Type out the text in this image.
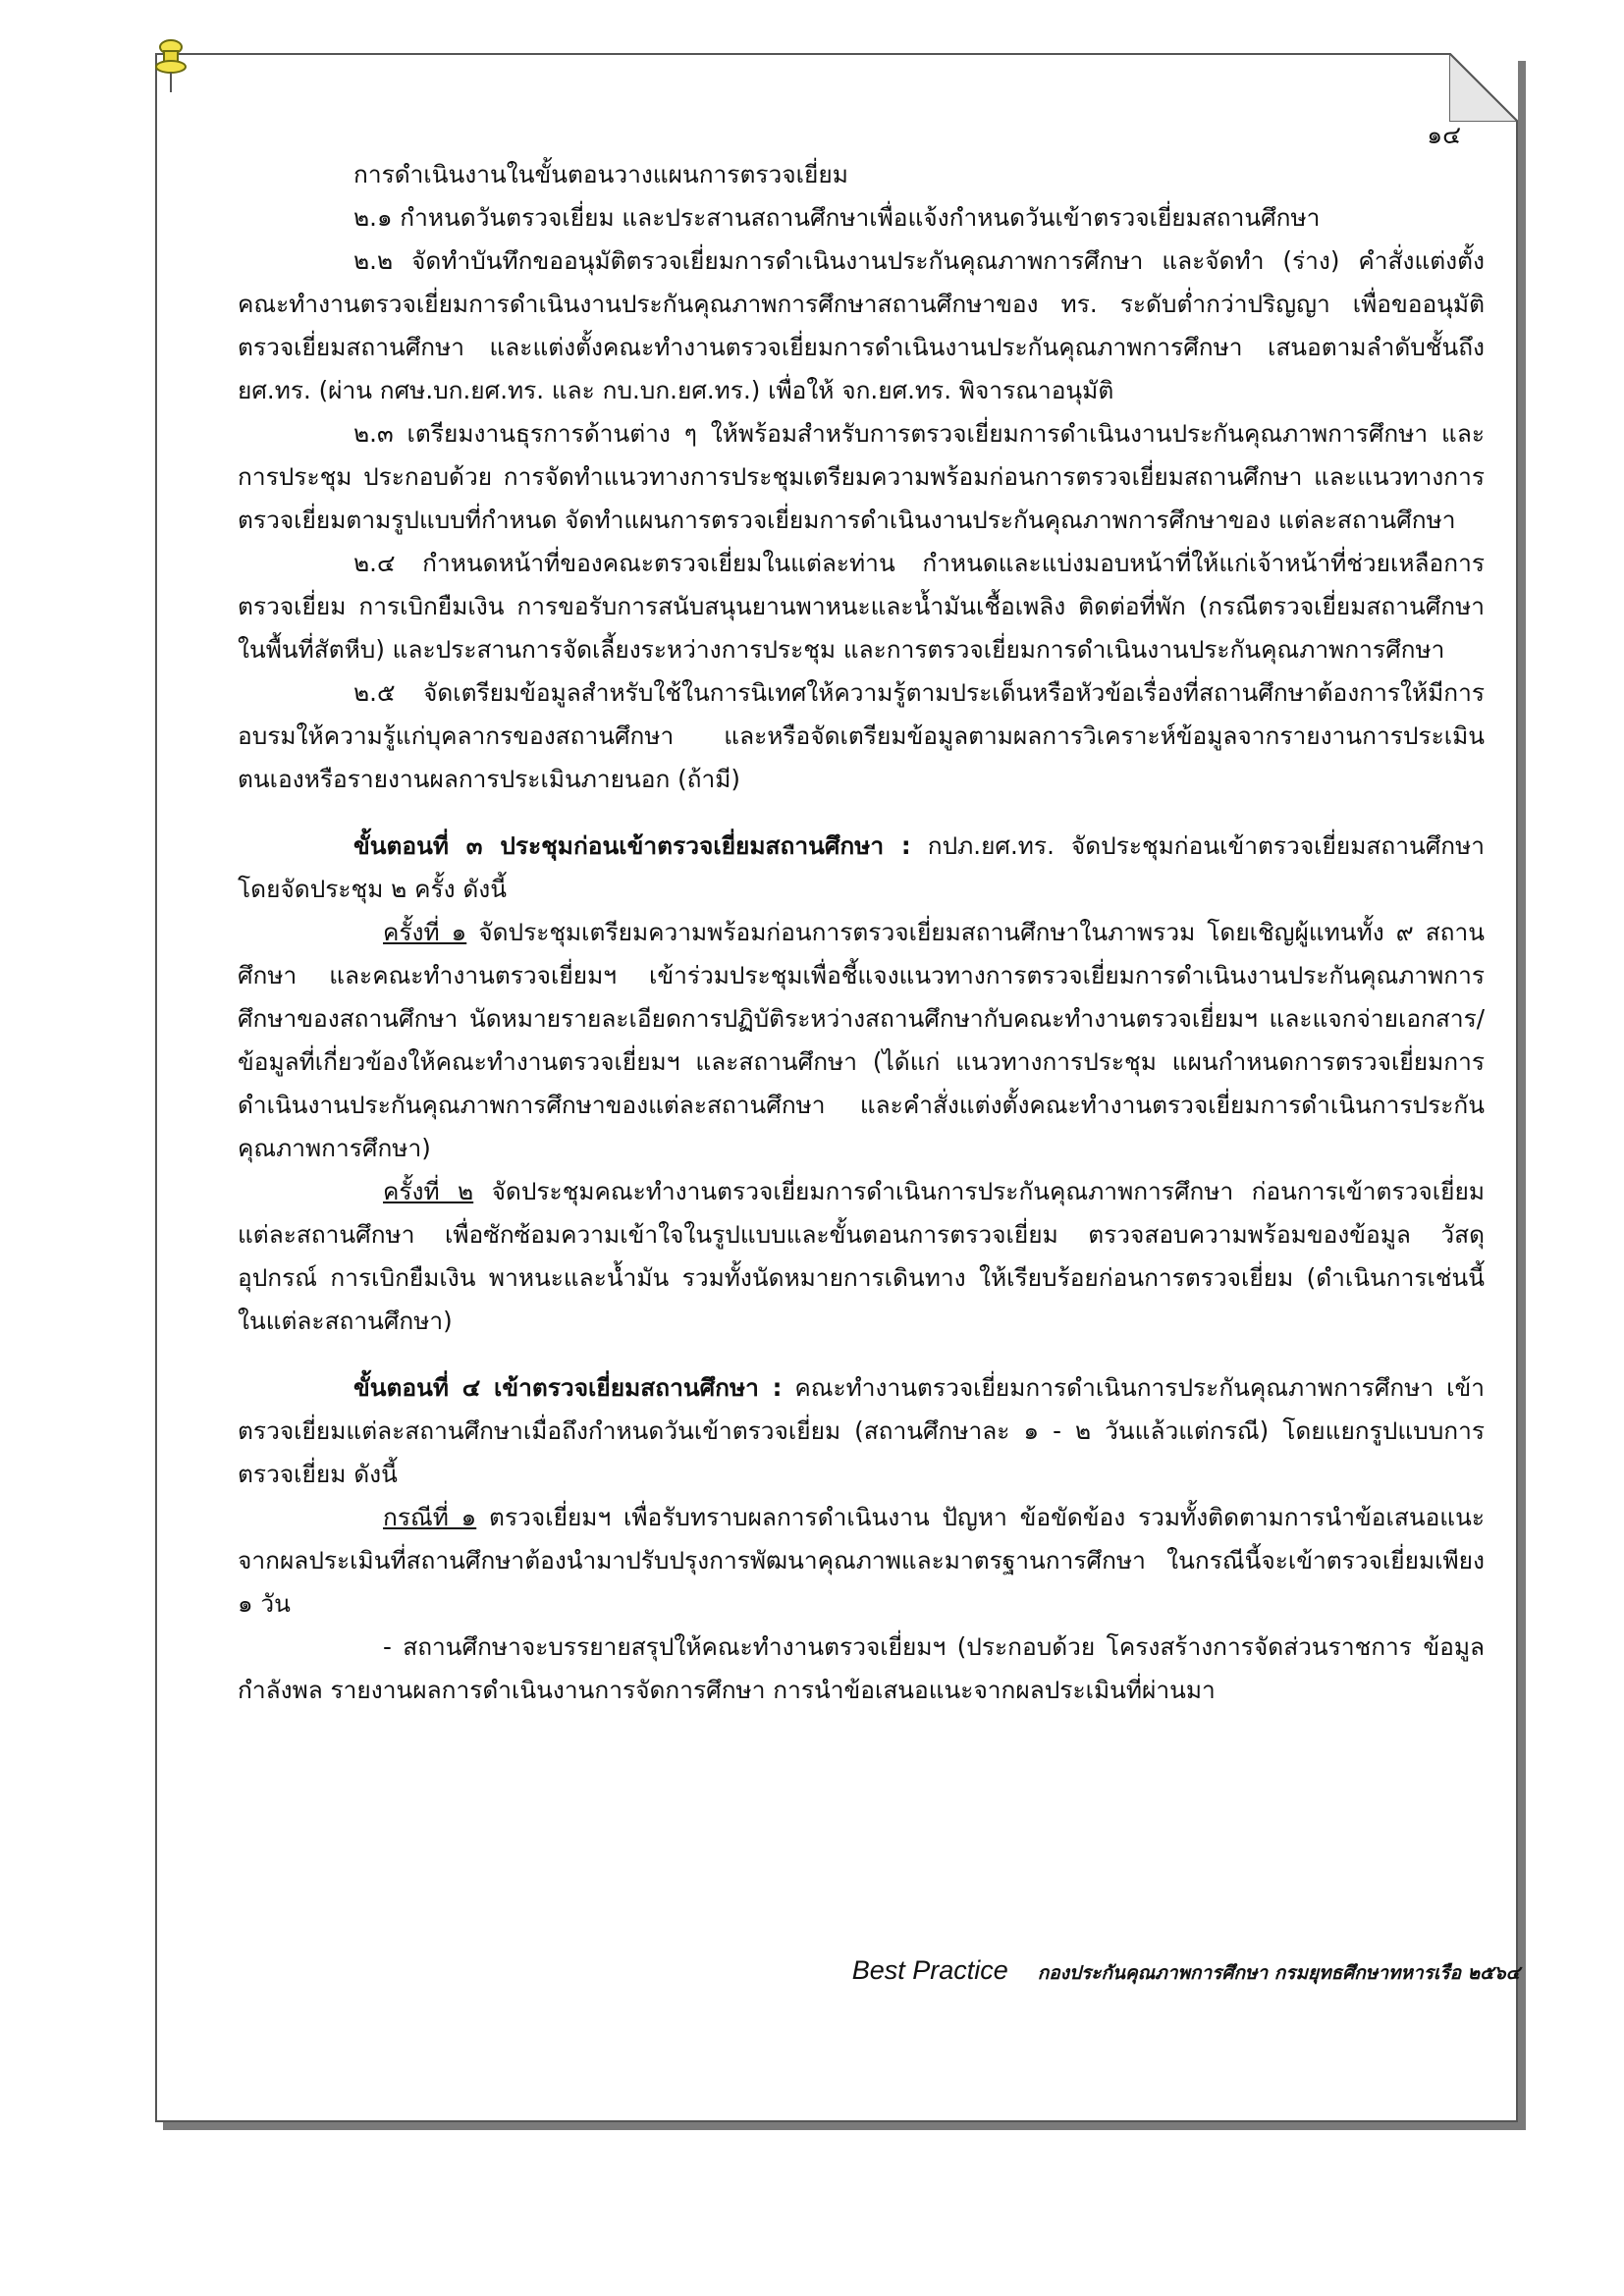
๑๔

การดำเนินงานในขั้นตอนวางแผนการตรวจเยี่ยม

๒.๑ กำหนดวันตรวจเยี่ยม และประสานสถานศึกษาเพื่อแจ้งกำหนดวันเข้าตรวจเยี่ยมสถานศึกษา

๒.๒ จัดทำบันทึกขออนุมัติตรวจเยี่ยมการดำเนินงานประกันคุณภาพการศึกษา และจัดทำ (ร่าง) คำสั่งแต่งตั้งคณะทำงานตรวจเยี่ยมการดำเนินงานประกันคุณภาพการศึกษาสถานศึกษาของ ทร. ระดับต่ำกว่าปริญญา เพื่อขออนุมัติตรวจเยี่ยมสถานศึกษา และแต่งตั้งคณะทำงานตรวจเยี่ยมการดำเนินงานประกันคุณภาพการศึกษา เสนอตามลำดับชั้นถึง ยศ.ทร. (ผ่าน กศษ.บก.ยศ.ทร. และ กบ.บก.ยศ.ทร.) เพื่อให้ จก.ยศ.ทร. พิจารณาอนุมัติ

๒.๓ เตรียมงานธุรการด้านต่าง ๆ ให้พร้อมสำหรับการตรวจเยี่ยมการดำเนินงานประกันคุณภาพการศึกษา และการประชุม ประกอบด้วย การจัดทำแนวทางการประชุมเตรียมความพร้อมก่อนการตรวจเยี่ยมสถานศึกษา และแนวทางการตรวจเยี่ยมตามรูปแบบที่กำหนด จัดทำแผนการตรวจเยี่ยมการดำเนินงานประกันคุณภาพการศึกษาของ แต่ละสถานศึกษา

๒.๔ กำหนดหน้าที่ของคณะตรวจเยี่ยมในแต่ละท่าน กำหนดและแบ่งมอบหน้าที่ให้แก่เจ้าหน้าที่ช่วยเหลือการตรวจเยี่ยม การเบิกยืมเงิน การขอรับการสนับสนุนยานพาหนะและน้ำมันเชื้อเพลิง ติดต่อที่พัก (กรณีตรวจเยี่ยมสถานศึกษาในพื้นที่สัตหีบ) และประสานการจัดเลี้ยงระหว่างการประชุม และการตรวจเยี่ยมการดำเนินงานประกันคุณภาพการศึกษา

๒.๕ จัดเตรียมข้อมูลสำหรับใช้ในการนิเทศให้ความรู้ตามประเด็นหรือหัวข้อเรื่องที่สถานศึกษาต้องการให้มีการอบรมให้ความรู้แก่บุคลากรของสถานศึกษา และหรือจัดเตรียมข้อมูลตามผลการวิเคราะห์ข้อมูลจากรายงานการประเมินตนเองหรือรายงานผลการประเมินภายนอก (ถ้ามี)

ขั้นตอนที่ ๓ ประชุมก่อนเข้าตรวจเยี่ยมสถานศึกษา : กปภ.ยศ.ทร. จัดประชุมก่อนเข้าตรวจเยี่ยมสถานศึกษา โดยจัดประชุม ๒ ครั้ง ดังนี้

ครั้งที่ ๑ จัดประชุมเตรียมความพร้อมก่อนการตรวจเยี่ยมสถานศึกษาในภาพรวม โดยเชิญผู้แทนทั้ง ๙ สถานศึกษา และคณะทำงานตรวจเยี่ยมฯ เข้าร่วมประชุมเพื่อชี้แจงแนวทางการตรวจเยี่ยมการดำเนินงานประกันคุณภาพการศึกษาของสถานศึกษา นัดหมายรายละเอียดการปฏิบัติระหว่างสถานศึกษากับคณะทำงานตรวจเยี่ยมฯ และแจกจ่ายเอกสาร/ข้อมูลที่เกี่ยวข้องให้คณะทำงานตรวจเยี่ยมฯ และสถานศึกษา (ได้แก่ แนวทางการประชุม แผนกำหนดการตรวจเยี่ยมการดำเนินงานประกันคุณภาพการศึกษาของแต่ละสถานศึกษา และคำสั่งแต่งตั้งคณะทำงานตรวจเยี่ยมการดำเนินการประกันคุณภาพการศึกษา)

ครั้งที่ ๒ จัดประชุมคณะทำงานตรวจเยี่ยมการดำเนินการประกันคุณภาพการศึกษา ก่อนการเข้าตรวจเยี่ยมแต่ละสถานศึกษา เพื่อซักซ้อมความเข้าใจในรูปแบบและขั้นตอนการตรวจเยี่ยม ตรวจสอบความพร้อมของข้อมูล วัสดุอุปกรณ์ การเบิกยืมเงิน พาหนะและน้ำมัน รวมทั้งนัดหมายการเดินทาง ให้เรียบร้อยก่อนการตรวจเยี่ยม (ดำเนินการเช่นนี้ในแต่ละสถานศึกษา)

ขั้นตอนที่ ๔ เข้าตรวจเยี่ยมสถานศึกษา : คณะทำงานตรวจเยี่ยมการดำเนินการประกันคุณภาพการศึกษา เข้าตรวจเยี่ยมแต่ละสถานศึกษาเมื่อถึงกำหนดวันเข้าตรวจเยี่ยม (สถานศึกษาละ ๑ - ๒ วันแล้วแต่กรณี) โดยแยกรูปแบบการตรวจเยี่ยม ดังนี้

กรณีที่ ๑ ตรวจเยี่ยมฯ เพื่อรับทราบผลการดำเนินงาน ปัญหา ข้อขัดข้อง รวมทั้งติดตามการนำข้อเสนอแนะจากผลประเมินที่สถานศึกษาต้องนำมาปรับปรุงการพัฒนาคุณภาพและมาตรฐานการศึกษา ในกรณีนี้จะเข้าตรวจเยี่ยมเพียง ๑ วัน

- สถานศึกษาจะบรรยายสรุปให้คณะทำงานตรวจเยี่ยมฯ (ประกอบด้วย โครงสร้างการจัดส่วนราชการ ข้อมูลกำลังพล รายงานผลการดำเนินงานการจัดการศึกษา การนำข้อเสนอแนะจากผลประเมินที่ผ่านมา

Best Practice กองประกันคุณภาพการศึกษา กรมยุทธศึกษาทหารเรือ ๒๕๖๔
